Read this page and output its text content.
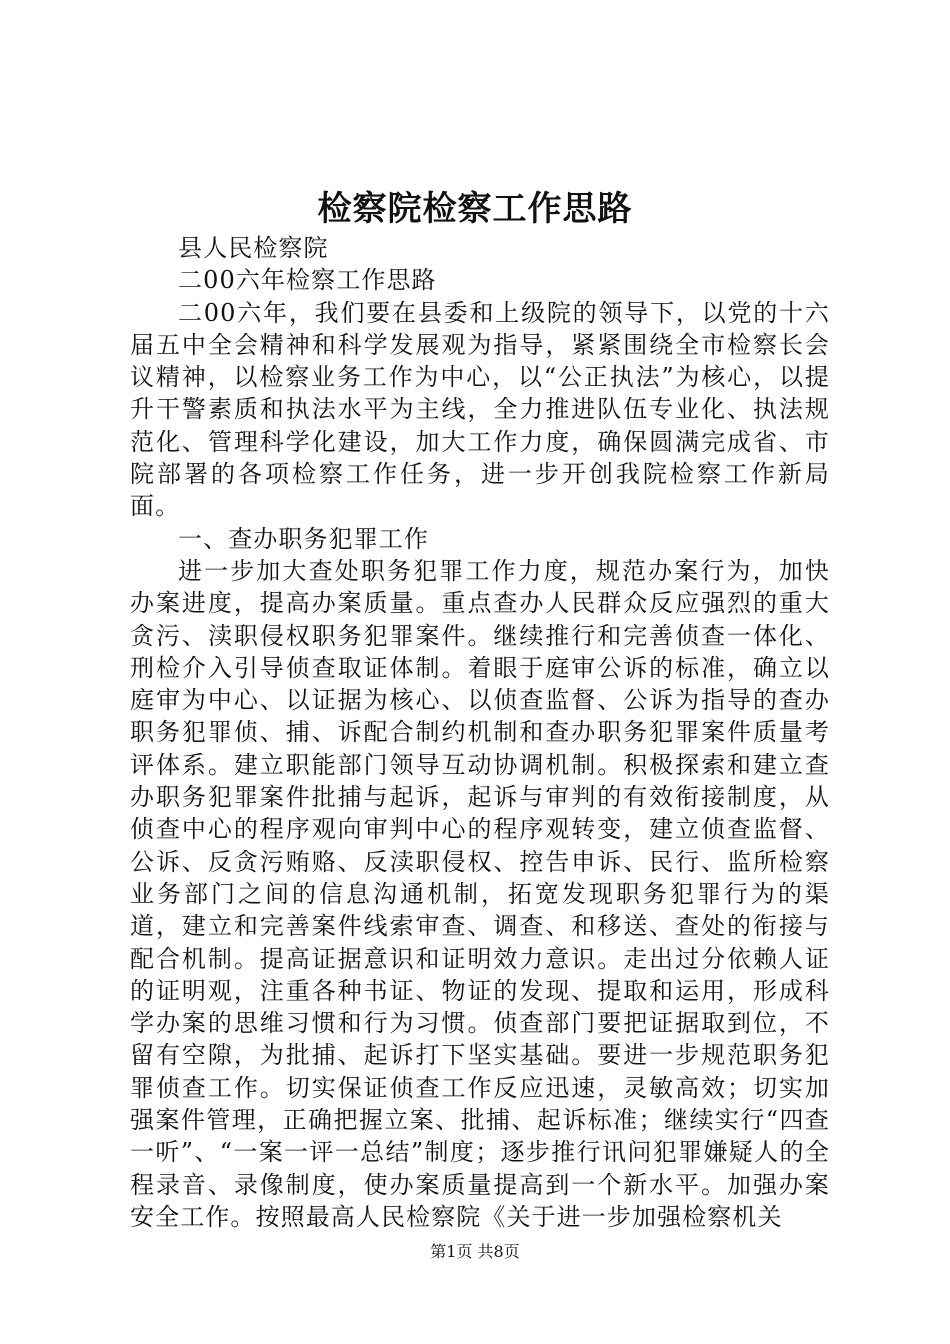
检察院检察工作思路

县人民检察院

二00六年检察工作思路

二00六年，我们要在县委和上级院的领导下，以党的十六届五中全会精神和科学发展观为指导，紧紧围绕全市检察长会议精神，以检察业务工作为中心，以“公正执法”为核心，以提升干警素质和执法水平为主线，全力推进队伍专业化、执法规范化、管理科学化建设，加大工作力度，确保圆满完成省、市院部署的各项检察工作任务，进一步开创我院检察工作新局面。

一、查办职务犯罪工作

进一步加大查处职务犯罪工作力度，规范办案行为，加快办案进度，提高办案质量。重点查办人民群众反应强烈的重大贪污、渎职侵权职务犯罪案件。继续推行和完善侦查一体化、刑检介入引导侦查取证体制。着眼于庭审公诉的标准，确立以庭审为中心、以证据为核心、以侦查监督、公诉为指导的查办职务犯罪侦、捕、诉配合制约机制和查办职务犯罪案件质量考评体系。建立职能部门领导互动协调机制。积极探索和建立查办职务犯罪案件批捕与起诉，起诉与审判的有效衔接制度，从侦查中心的程序观向审判中心的程序观转变，建立侦查监督、公诉、反贪污贿赂、反渎职侵权、控告申诉、民行、监所检察业务部门之间的信息沟通机制，拓宽发现职务犯罪行为的渠道，建立和完善案件线索审查、调查、和移送、查处的衔接与配合机制。提高证据意识和证明效力意识。走出过分依赖人证的证明观，注重各种书证、物证的发现、提取和运用，形成科学办案的思维习惯和行为习惯。侦查部门要把证据取到位，不留有空隙，为批捕、起诉打下坚实基础。要进一步规范职务犯罪侦查工作。切实保证侦查工作反应迅速，灵敏高效；切实加强案件管理，正确把握立案、批捕、起诉标准；继续实行“四查一听”、“一案一评一总结”制度；逐步推行讯问犯罪嫌疑人的全程录音、录像制度，使办案质量提高到一个新水平。加强办案安全工作。按照最高人民检察院《关于进一步加强检察机关

第1页 共8页
